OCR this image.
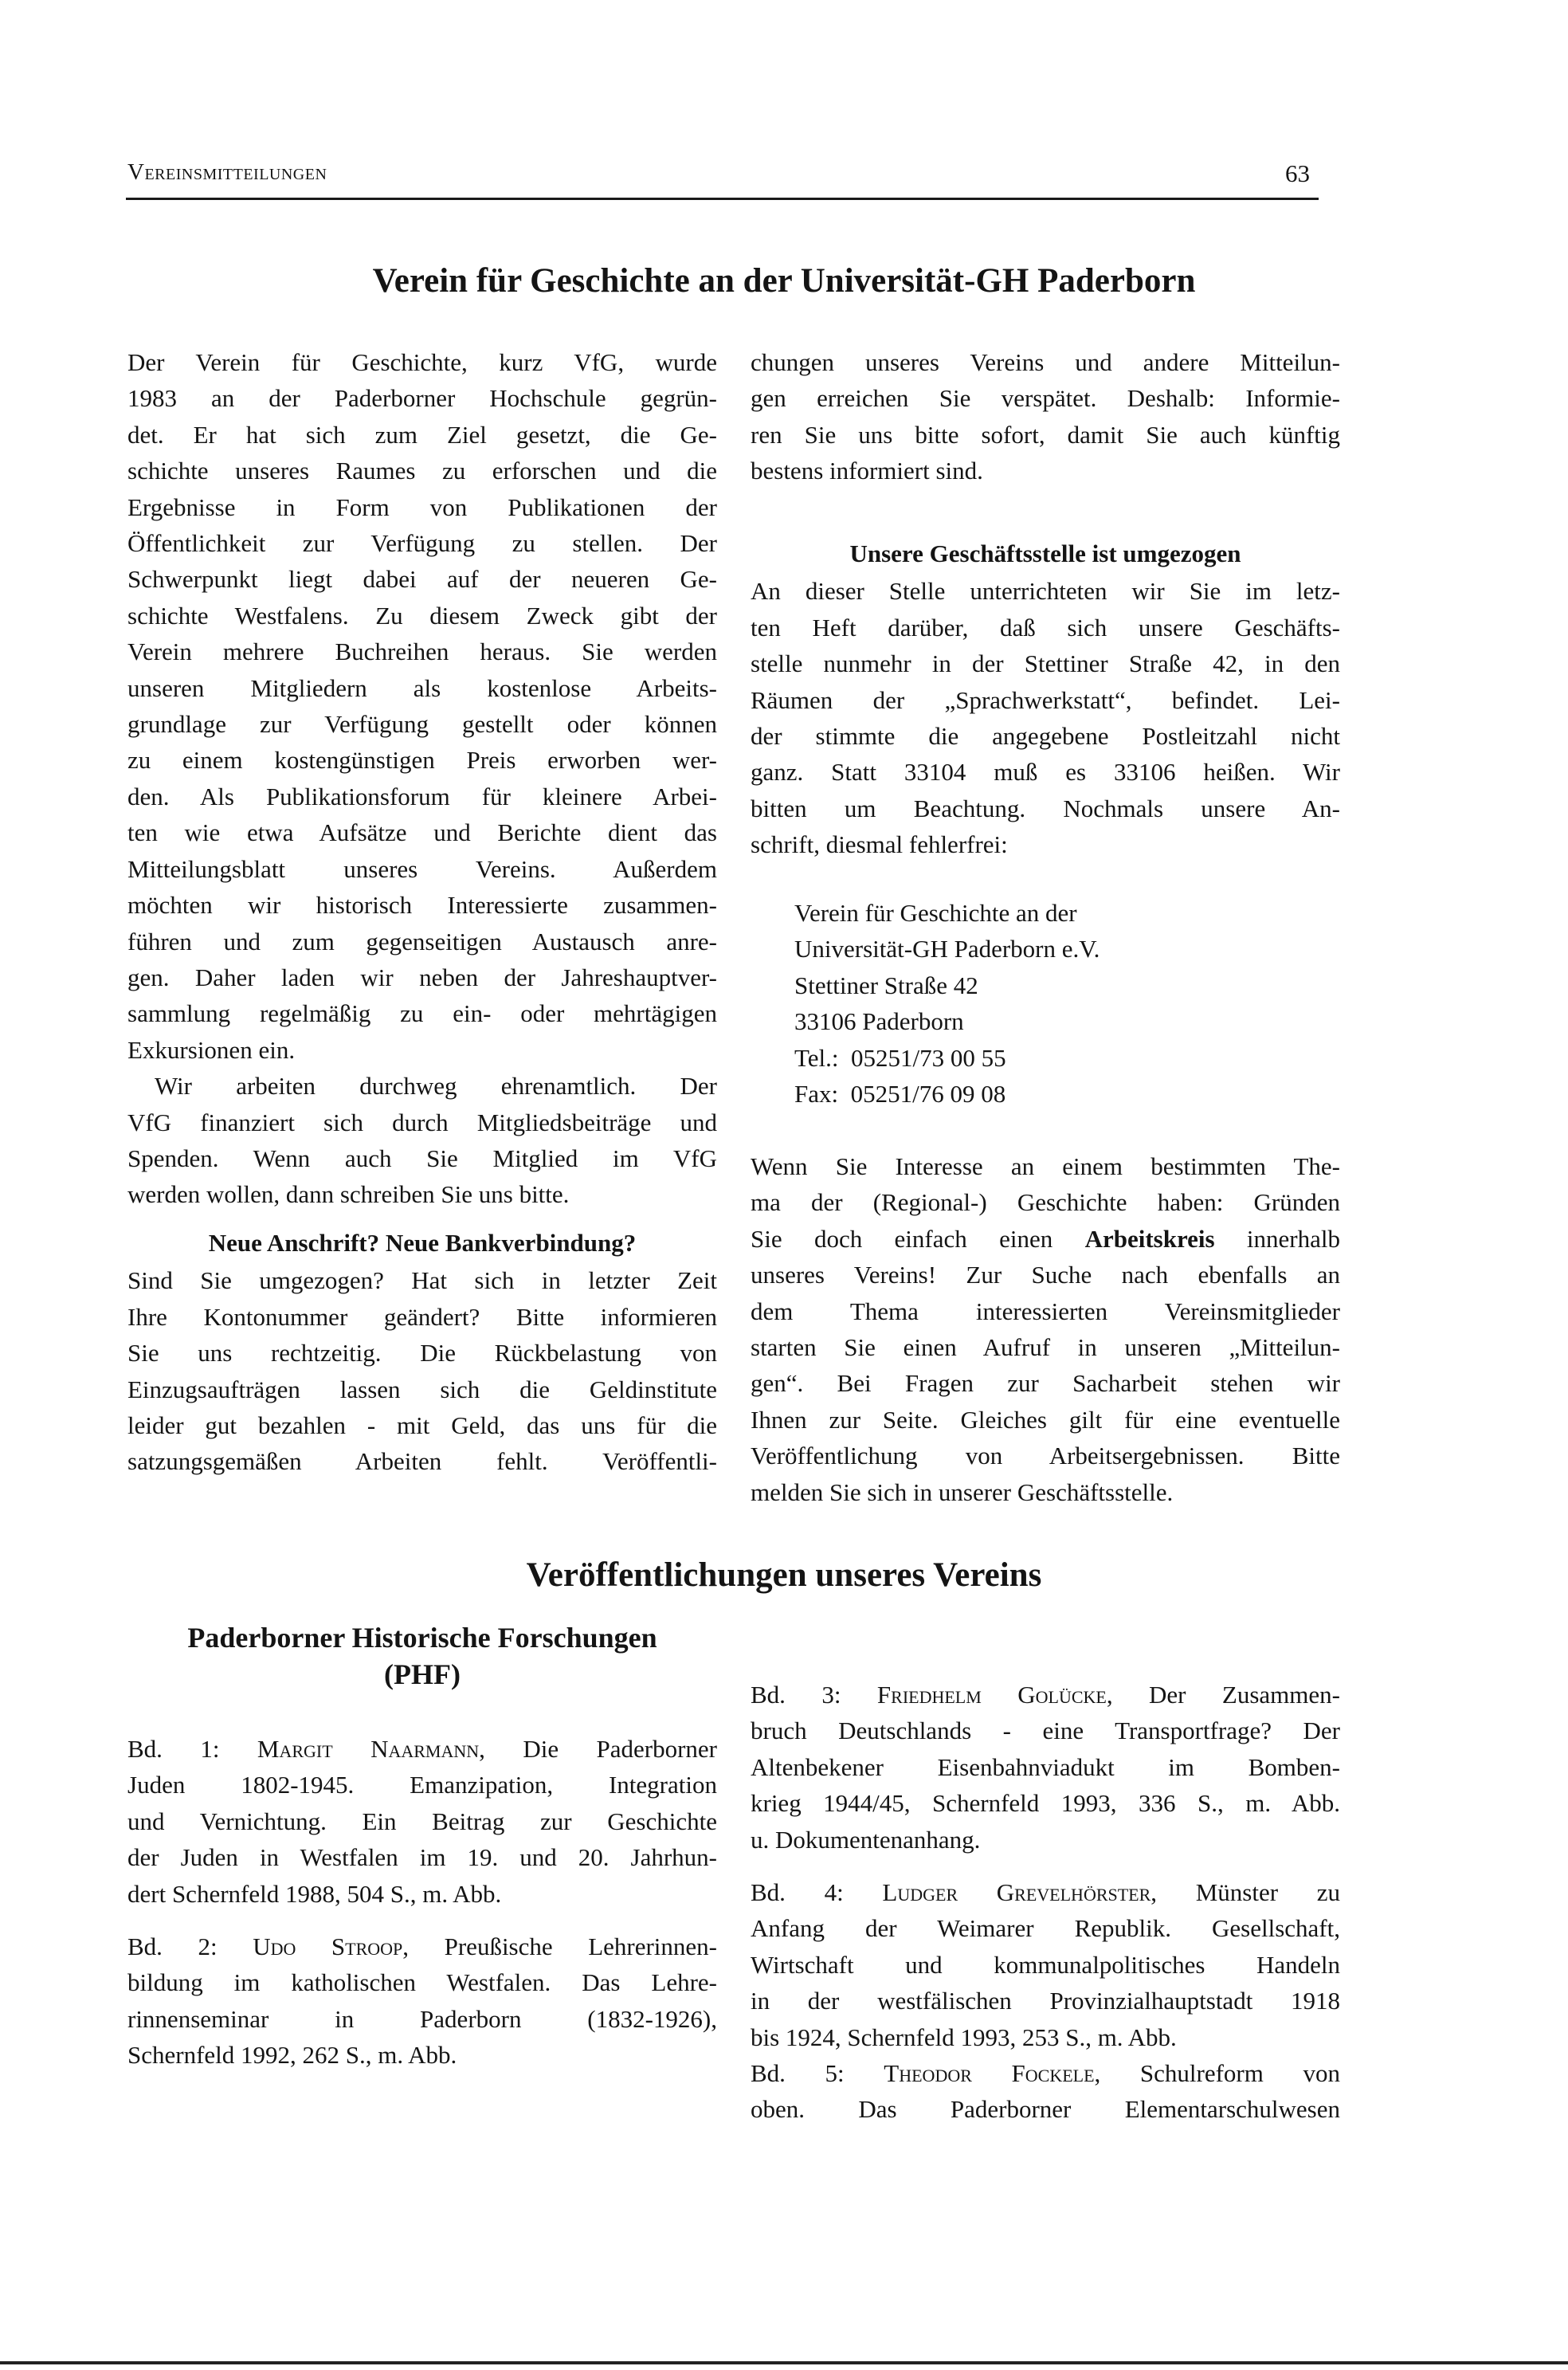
Vereinsmitteilungen	63
Verein für Geschichte an der Universität-GH Paderborn

Der Verein für Geschichte, kurz VfG, wurde

1983 an der Paderborner Hochschule gegrün-

det. Er hat sich zum Ziel gesetzt, die Ge-

schichte unseres Raumes zu erforschen und die

Ergebnisse in Form von Publikationen der

Öffentlichkeit zur Verfügung zu stellen. Der

Schwerpunkt liegt dabei auf der neueren Ge-

schichte Westfalens. Zu diesem Zweck gibt der

Verein mehrere Buchreihen heraus. Sie werden

unseren Mitgliedern als kostenlose Arbeits-

grundlage zur Verfügung gestellt oder können

zu einem kostengünstigen Preis erworben wer-

den. Als Publikationsforum für kleinere Arbei-

ten wie etwa Aufsätze und Berichte dient das

Mitteilungsblatt unseres Vereins. Außerdem

möchten wir historisch Interessierte zusammen-

führen und zum gegenseitigen Austausch anre-

gen. Daher laden wir neben der Jahreshauptver-

sammlung regelmäßig zu ein- oder mehrtägigen

Exkursionen ein.

Wir arbeiten durchweg ehrenamtlich. Der

VfG finanziert sich durch Mitgliedsbeiträge und

Spenden. Wenn auch Sie Mitglied im VfG

werden wollen, dann schreiben Sie uns bitte.

Neue Anschrift? Neue Bankverbindung?

Sind Sie umgezogen? Hat sich in letzter Zeit

Ihre Kontonummer geändert? Bitte informieren

Sie uns rechtzeitig. Die Rückbelastung von

Einzugsaufträgen lassen sich die Geldinstitute

leider gut bezahlen - mit Geld, das uns für die

satzungsgemäßen Arbeiten fehlt. Veröffentli-

chungen unseres Vereins und andere Mitteilun-

gen erreichen Sie verspätet. Deshalb: Informie-

ren Sie uns bitte sofort, damit Sie auch künftig

bestens informiert sind.

Unsere Geschäftsstelle ist umgezogen

An dieser Stelle unterrichteten wir Sie im letz-

ten Heft darüber, daß sich unsere Geschäfts-

stelle nunmehr in der Stettiner Straße 42, in den

Räumen der „Sprachwerkstatt“, befindet. Lei-

der stimmte die angegebene Postleitzahl nicht

ganz. Statt 33104 muß es 33106 heißen. Wir

bitten um Beachtung. Nochmals unsere An-

schrift, diesmal fehlerfrei:

Verein für Geschichte an der
Universität-GH Paderborn e.V.
Stettiner Straße 42
33106 Paderborn
Tel.:  05251/73 00 55
Fax:  05251/76 09 08

Wenn Sie Interesse an einem bestimmten The-

ma der (Regional-) Geschichte haben: Gründen

Sie doch einfach einen Arbeitskreis innerhalb

unseres Vereins! Zur Suche nach ebenfalls an

dem Thema interessierten Vereinsmitglieder

starten Sie einen Aufruf in unseren „Mitteilun-

gen“. Bei Fragen zur Sacharbeit stehen wir

Ihnen zur Seite. Gleiches gilt für eine eventuelle

Veröffentlichung von Arbeitsergebnissen. Bitte

melden Sie sich in unserer Geschäftsstelle.

Veröffentlichungen unseres Vereins
Paderborner Historische Forschungen
(PHF)

Bd. 1: Margit Naarmann, Die Paderborner

Juden 1802-1945. Emanzipation, Integration

und Vernichtung. Ein Beitrag zur Geschichte

der Juden in Westfalen im 19. und 20. Jahrhun-

dert Schernfeld 1988, 504 S., m. Abb.

Bd. 2: Udo Stroop, Preußische Lehrerinnen-

bildung im katholischen Westfalen. Das Lehre-

rinnenseminar in Paderborn (1832-1926),

Schernfeld 1992, 262 S., m. Abb.

Bd. 3: Friedhelm Golücke, Der Zusammen-

bruch Deutschlands - eine Transportfrage? Der

Altenbekener Eisenbahnviadukt im Bomben-

krieg 1944/45, Schernfeld 1993, 336 S., m. Abb.

u. Dokumentenanhang.

Bd. 4: Ludger Grevelhörster, Münster zu

Anfang der Weimarer Republik. Gesellschaft,

Wirtschaft und kommunalpolitisches Handeln

in der westfälischen Provinzialhauptstadt 1918

bis 1924, Schernfeld 1993, 253 S., m. Abb.

Bd. 5: Theodor Fockele, Schulreform von

oben. Das Paderborner Elementarschulwesen
